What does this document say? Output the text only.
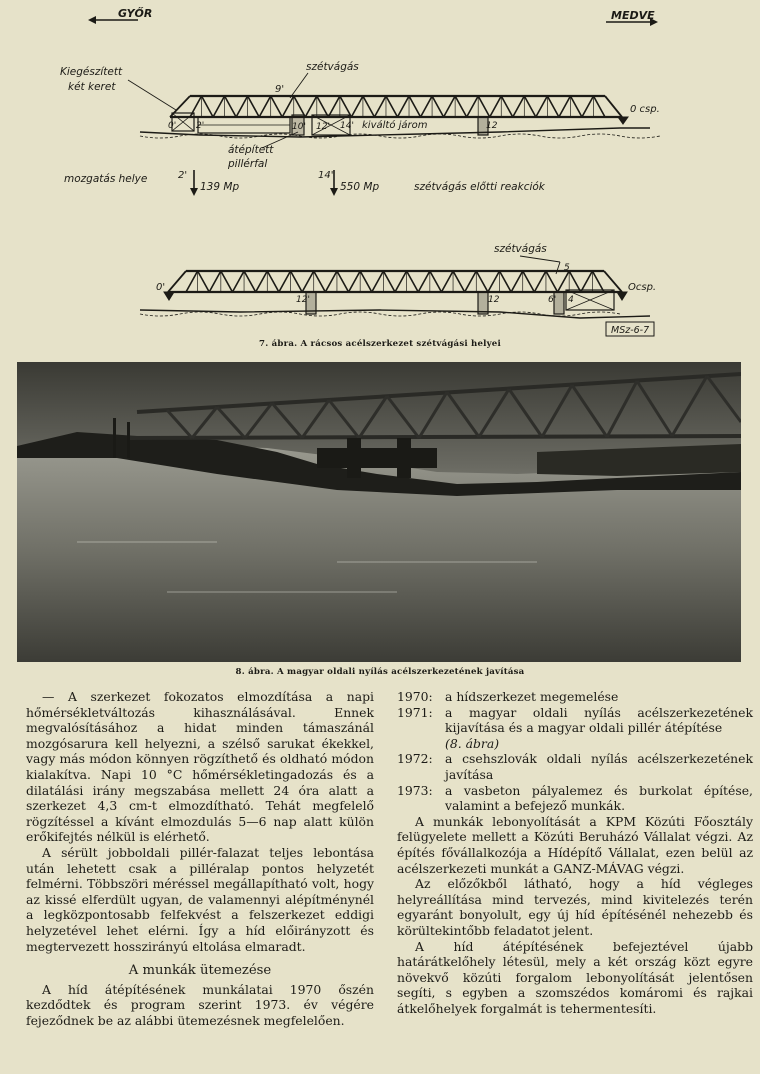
GYŐR	MEDVE
Kiegészített
két keret
szétvágás
9'
0' 2'	10' 12' 14' kiváltó járom	12
0 csp.
átépített
pillérfal
mozgatás helye	2'
139 Mp
14'
550 Mp	szétvágás előtti reakciók
szétvágás
5
0'
12'	12	6' 4
Ocsp.
MSz-6-7
7. ábra. A rácsos acélszerkezet szétvágási helyei
8. ábra. A magyar oldali nyílás acélszerkezetének javítása

— A szerkezet fokozatos elmozdítása a napi hőmérsékletváltozás kihasználásával. Ennek megvalósításához a hidat minden támaszánál mozgósarura kell helyezni, a szélső sarukat ékekkel, vagy más módon könnyen rögzíthető és oldható módon kialakítva. Napi 10 °C hőmérsékletingadozás és a dilatálási irány megszabása mellett 24 óra alatt a szerkezet 4,3 cm-t elmozdítható. Tehát megfelelő rögzítéssel a kívánt elmozdulás 5—6 nap alatt külön erőkifejtés nélkül is elérhető.

A sérült jobboldali pillér-falazat teljes lebontása után lehetett csak a pilléralap pontos helyzetét felmérni. Többszöri méréssel megállapítható volt, hogy az kissé elferdült ugyan, de valamennyi alépítménynél a legközpontosabb felfekvést a felszerkezet eddigi helyzetével lehet elérni. Így a híd előirányzott és megtervezett hosszirányú eltolása elmaradt.

A munkák ütemezése

A híd átépítésének munkálatai 1970 őszén kezdődtek és program szerint 1973. év végére fejeződnek be az alábbi ütemezésnek megfelelően.

1970: a hídszerkezet megemelése
1971: a magyar oldali nyílás acélszerkezetének kijavítása és a magyar oldali pillér átépítése
(8. ábra)
1972: a csehszlovák oldali nyílás acélszerkezetének javítása
1973: a vasbeton pályalemez és burkolat építése, valamint a befejező munkák.

A munkák lebonyolítását a KPM Közúti Főosztály felügyelete mellett a Közúti Beruházó Vállalat végzi. Az építés fővállalkozója a Hídépítő Vállalat, ezen belül az acélszerkezeti munkát a GANZ-MÁVAG végzi.

Az előzőkből látható, hogy a híd végleges helyreállítása mind tervezés, mind kivitelezés terén egyaránt bonyolult, egy új híd építésénél nehezebb és körültekintőbb feladatot jelent.

A híd átépítésének befejeztével újabb határátkelőhely létesül, mely a két ország közt egyre növekvő közúti forgalom lebonyolítását jelentősen segíti, s egyben a szomszédos komáromi és rajkai átkelőhelyek forgalmát is tehermentesíti.
